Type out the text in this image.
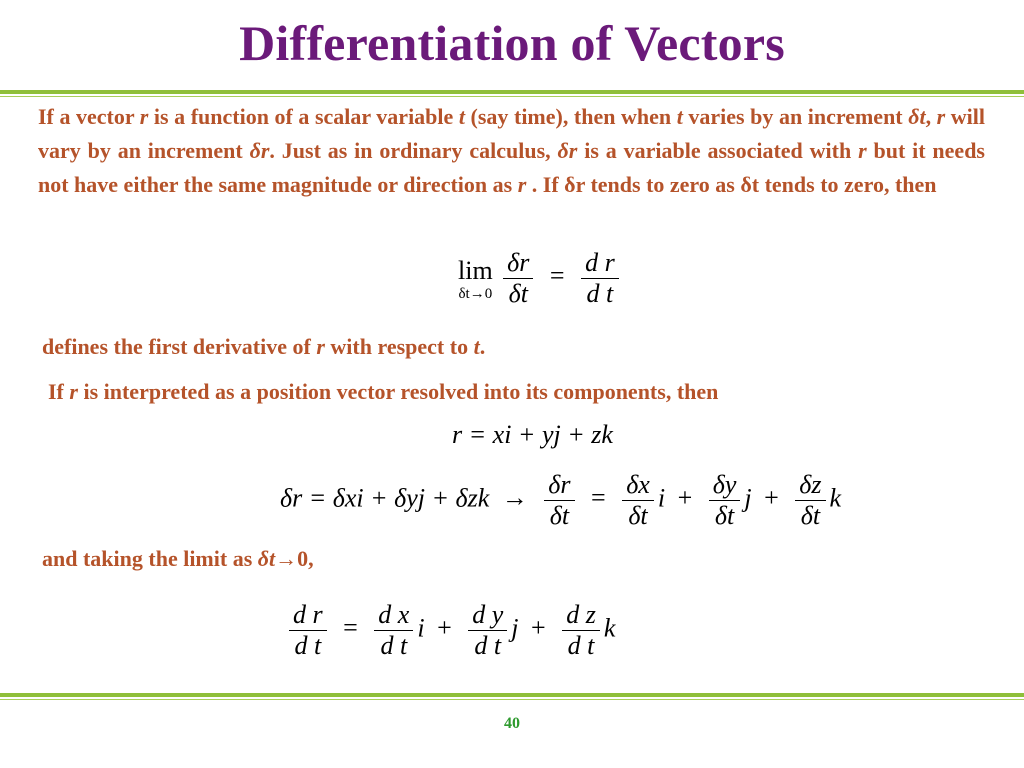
Differentiation of Vectors
If a vector r is a function of a scalar variable t (say time), then when t varies by an increment δt, r will vary by an increment δr. Just as in ordinary calculus, δr is a variable associated with r but it needs not have either the same magnitude or direction as r . If δr tends to zero as δt tends to zero, then
lim
δt→0
$\frac{\delta r}{\delta t} = \frac{\text{d r}}{\text{d t}}$
defines the first derivative of r with respect to t.
If r is interpreted as a position vector resolved into its components, then
r = xi + yj + zk
$\delta r = \delta xi + \delta yj + \delta zk \to \frac{\delta r}{\delta t} = \frac{\delta x}{\delta t}$ $i + \frac{\delta y}{\delta t}$ $j + \frac{\delta z}{\delta t}$ k
and taking the limit as δt→0,
$\frac{\text{d r}}{\text{d t}} = \frac{\text{d x}}{\text{d t}}$ $i + \frac{\text{d y}}{\text{d t}}$ $j + \frac{\text{d z}}{\text{d t}}$ k
40
